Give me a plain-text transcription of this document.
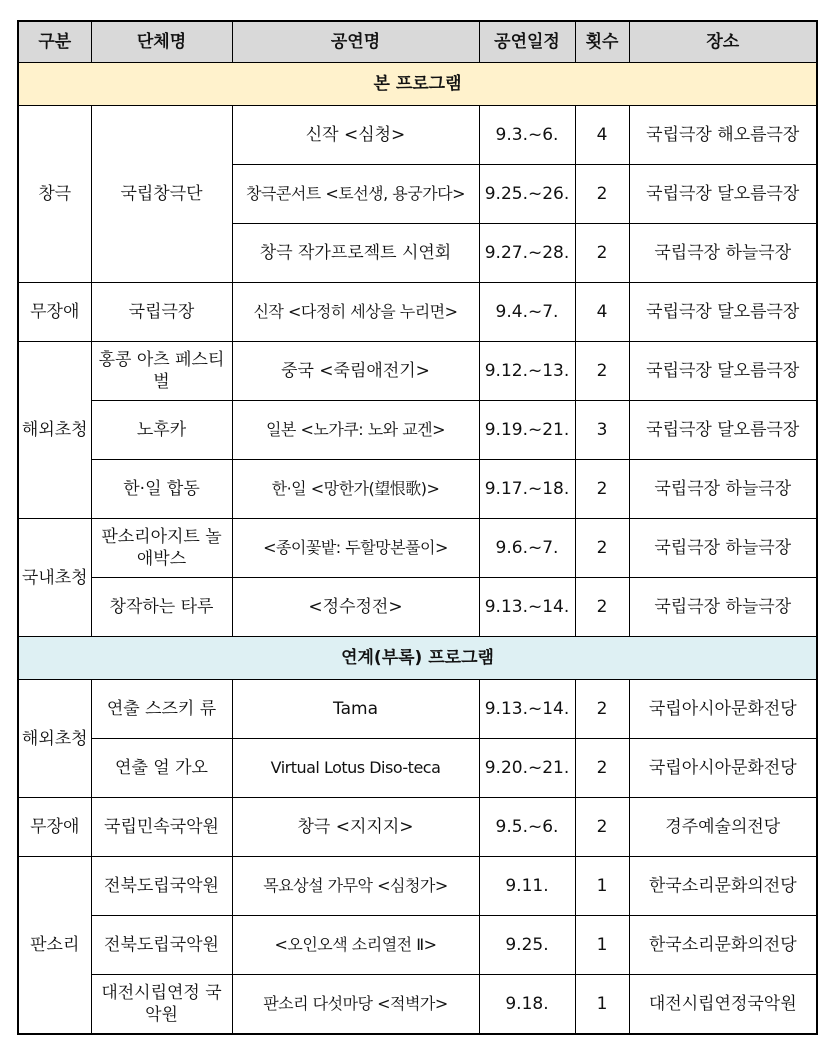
구분	단체명	공연명	공연일정	횟수	장소
본 프로그램					
창극	국립창극단	신작 <심청>	9.3.~6.	4	국립극장 해오름극장
		창극콘서트 <토선생, 용궁가다>	9.25.~26.	2	국립극장 달오름극장
		창극 작가프로젝트 시연회	9.27.~28.	2	국립극장 하늘극장
무장애	국립극장	신작 <다정히 세상을 누리면>	9.4.~7.	4	국립극장 달오름극장
해외초청	홍콩 아츠 페스티벌	중국 <죽림애전기>	9.12.~13.	2	국립극장 달오름극장
	노후카	일본 <노가쿠: 노와 교겐>	9.19.~21.	3	국립극장 달오름극장
	한·일 합동	한·일 <망한가(望恨歌)>	9.17.~18.	2	국립극장 하늘극장
국내초청	판소리아지트 놀애박스	<종이꽃밭: 두할망본풀이>	9.6.~7.	2	국립극장 하늘극장
	창작하는 타루	<정수정전>	9.13.~14.	2	국립극장 하늘극장
연계(부록) 프로그램					
해외초청	연출 스즈키 류	Tama	9.13.~14.	2	국립아시아문화전당
	연출 얼 가오	Virtual Lotus Diso-teca	9.20.~21.	2	국립아시아문화전당
무장애	국립민속국악원	창극 <지지지>	9.5.~6.	2	경주예술의전당
판소리	전북도립국악원	목요상설 가무악 <심청가>	9.11.	1	한국소리문화의전당
	전북도립국악원	<오인오색 소리열전 Ⅱ>	9.25.	1	한국소리문화의전당
	대전시립연정 국악원	판소리 다섯마당 <적벽가>	9.18.	1	대전시립연정국악원
